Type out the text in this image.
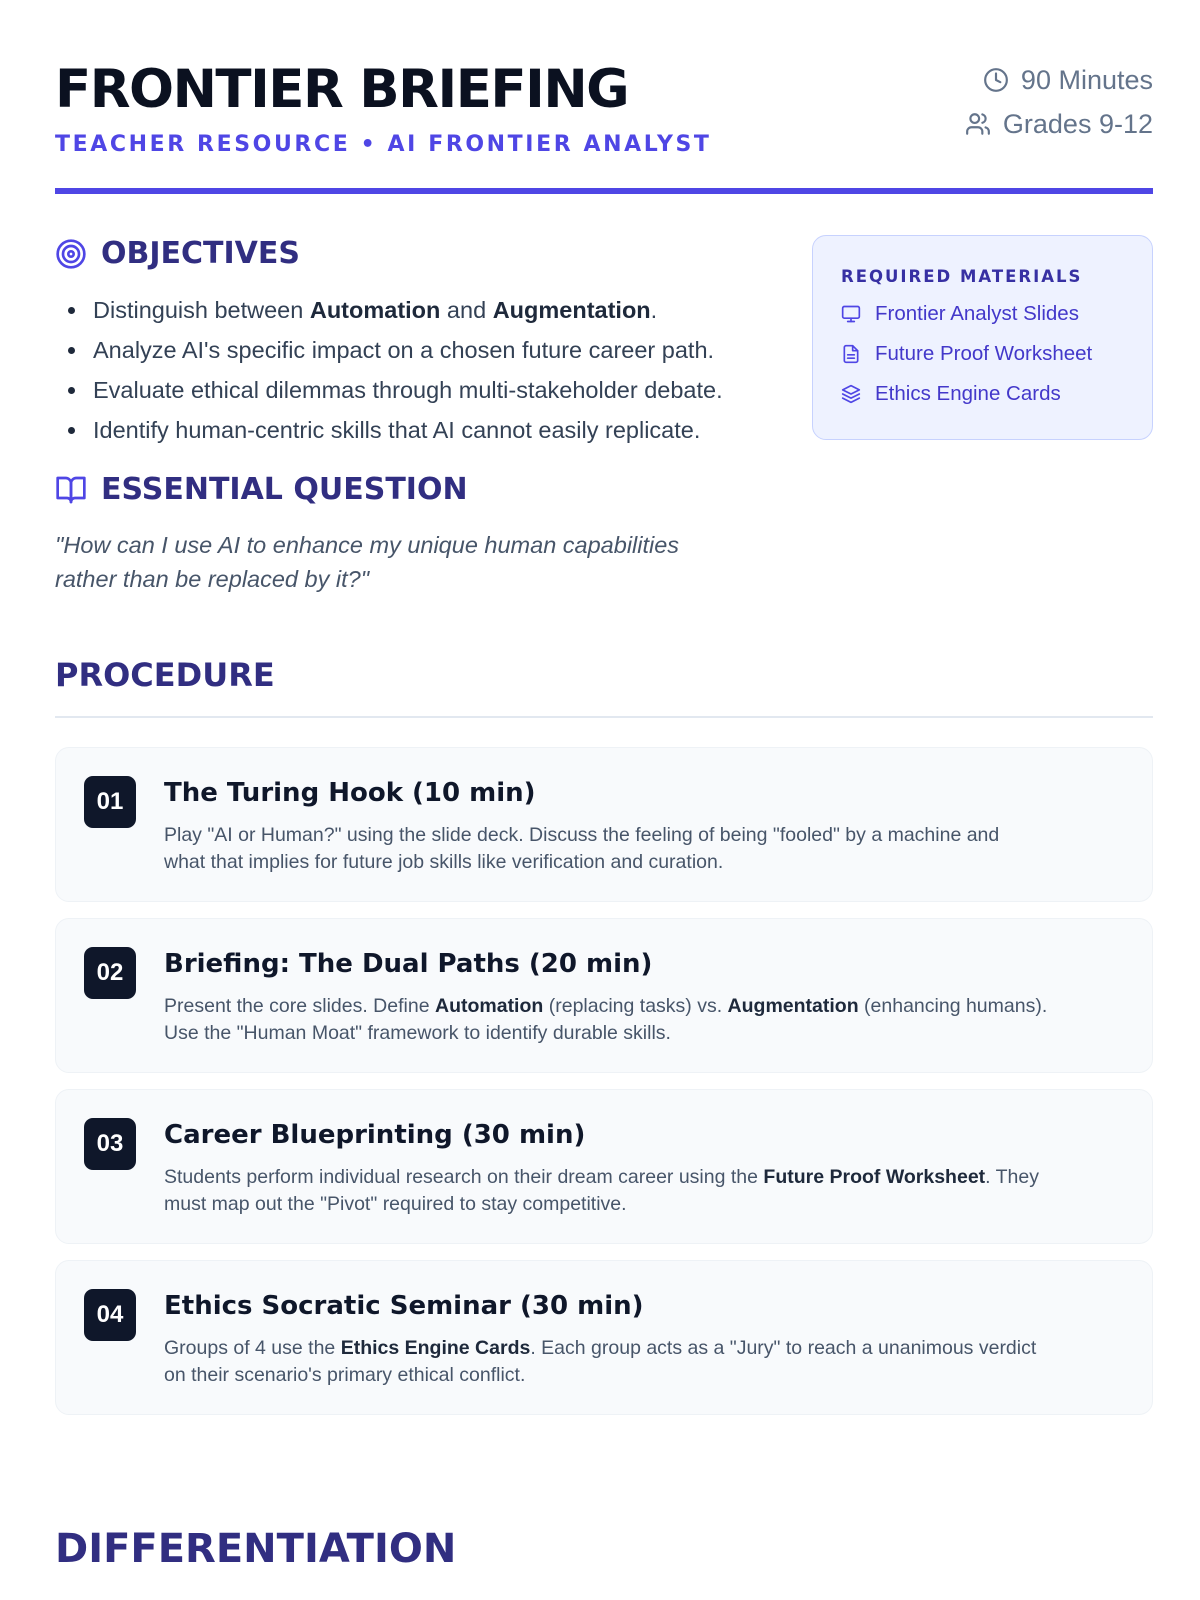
FRONTIER BRIEFING
TEACHER RESOURCE • AI FRONTIER ANALYST
90 Minutes
Grades 9-12
OBJECTIVES
Distinguish between Automation and Augmentation.
Analyze AI's specific impact on a chosen future career path.
Evaluate ethical dilemmas through multi-stakeholder debate.
Identify human-centric skills that AI cannot easily replicate.
ESSENTIAL QUESTION
"How can I use AI to enhance my unique human capabilities
rather than be replaced by it?"
REQUIRED MATERIALS
Frontier Analyst Slides
Future Proof Worksheet
Ethics Engine Cards
PROCEDURE
01	The Turing Hook (10 min)
Play "AI or Human?" using the slide deck. Discuss the feeling of being "fooled" by a machine and
what that implies for future job skills like verification and curation.
02	Briefing: The Dual Paths (20 min)
Present the core slides. Define Automation (replacing tasks) vs. Augmentation (enhancing humans).
Use the "Human Moat" framework to identify durable skills.
03	Career Blueprinting (30 min)
Students perform individual research on their dream career using the Future Proof Worksheet. They
must map out the "Pivot" required to stay competitive.
04	Ethics Socratic Seminar (30 min)
Groups of 4 use the Ethics Engine Cards. Each group acts as a "Jury" to reach a unanimous verdict
on their scenario's primary ethical conflict.
DIFFERENTIATION
